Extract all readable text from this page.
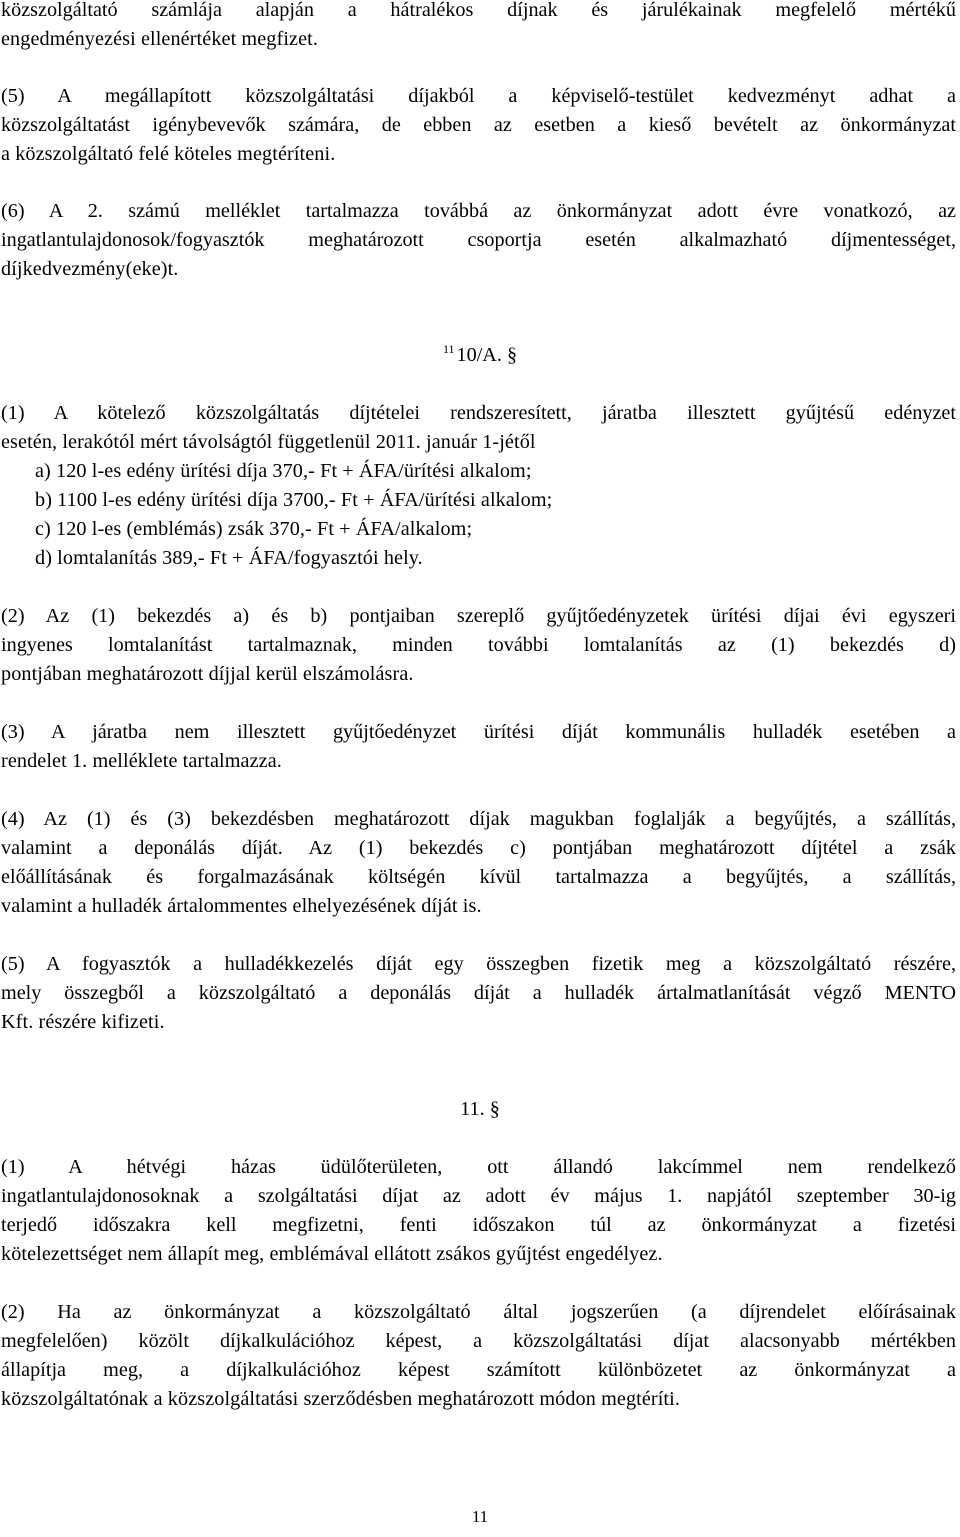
közszolgáltató számlája alapján a hátralékos díjnak és járulékainak megfelelő mértékű
engedményezési ellenértéket megfizet.
(5) A megállapított közszolgáltatási díjakból a képviselő-testület kedvezményt adhat a
közszolgáltatást igénybevevők számára, de ebben az esetben a kieső bevételt az önkormányzat
a közszolgáltató felé köteles megtéríteni.
(6) A 2. számú melléklet tartalmazza továbbá az önkormányzat adott évre vonatkozó, az
ingatlantulajdonosok/fogyasztók meghatározott csoportja esetén alkalmazható díjmentességet,
díjkedvezmény(eke)t.
$^{11}$10/A. §
(1) A kötelező közszolgáltatás díjtételei rendszeresített, járatba illesztett gyűjtésű edényzet
esetén, lerakótól mért távolságtól függetlenül 2011. január 1-jétől
a) 120 l-es edény ürítési díja 370,- Ft + ÁFA/ürítési alkalom;
b) 1100 l-es edény ürítési díja 3700,- Ft + ÁFA/ürítési alkalom;
c) 120 l-es (emblémás) zsák 370,- Ft + ÁFA/alkalom;
d) lomtalanítás 389,- Ft + ÁFA/fogyasztói hely.
(2) Az (1) bekezdés a) és b) pontjaiban szereplő gyűjtőedényzetek ürítési díjai évi egyszeri
ingyenes lomtalanítást tartalmaznak, minden további lomtalanítás az (1) bekezdés d)
pontjában meghatározott díjjal kerül elszámolásra.
(3) A járatba nem illesztett gyűjtőedényzet ürítési díját kommunális hulladék esetében a
rendelet 1. melléklete tartalmazza.
(4) Az (1) és (3) bekezdésben meghatározott díjak magukban foglalják a begyűjtés, a szállítás,
valamint a deponálás díját. Az (1) bekezdés c) pontjában meghatározott díjtétel a zsák
előállításának és forgalmazásának költségén kívül tartalmazza a begyűjtés, a szállítás,
valamint a hulladék ártalommentes elhelyezésének díját is.
(5) A fogyasztók a hulladékkezelés díját egy összegben fizetik meg a közszolgáltató részére,
mely összegből a közszolgáltató a deponálás díját a hulladék ártalmatlanítását végző MENTO
Kft. részére kifizeti.
11. §
(1) A hétvégi házas üdülőterületen, ott állandó lakcímmel nem rendelkező
ingatlantulajdonosoknak a szolgáltatási díjat az adott év május 1. napjától szeptember 30-ig
terjedő időszakra kell megfizetni, fenti időszakon túl az önkormányzat a fizetési
kötelezettséget nem állapít meg, emblémával ellátott zsákos gyűjtést engedélyez.
(2) Ha az önkormányzat a közszolgáltató által jogszerűen (a díjrendelet előírásainak
megfelelően) közölt díjkalkulációhoz képest, a közszolgáltatási díjat alacsonyabb mértékben
állapítja meg, a díjkalkulációhoz képest számított különbözetet az önkormányzat a
közszolgáltatónak a közszolgáltatási szerződésben meghatározott módon megtéríti.
11
